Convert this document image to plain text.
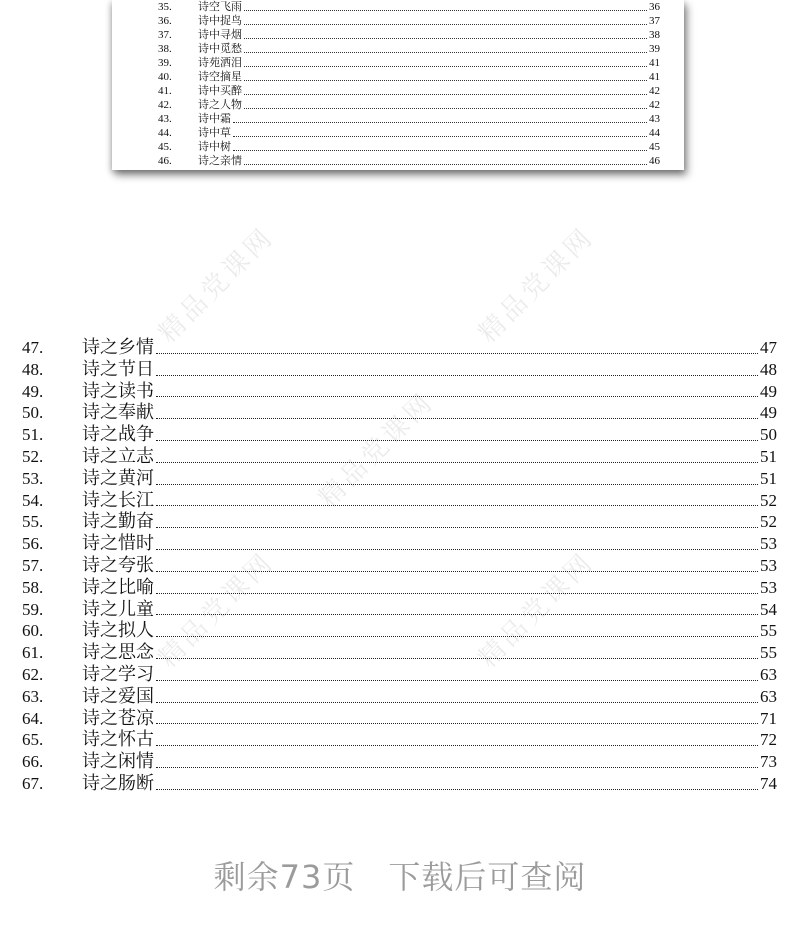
35.	诗空飞雨	36
36.	诗中捉鸟	37
37.	诗中寻烟	38
38.	诗中觅愁	39
39.	诗苑洒泪	41
40.	诗空摘星	41
41.	诗中买醉	42
42.	诗之人物	42
43.	诗中霜	43
44.	诗中草	44
45.	诗中树	45
46.	诗之亲情	46
精品党课网	精品党课网
精品党课网
精品党课网	精品党课网
47.	诗之乡情	47
48.	诗之节日	48
49.	诗之读书	49
50.	诗之奉献	49
51.	诗之战争	50
52.	诗之立志	51
53.	诗之黄河	51
54.	诗之长江	52
55.	诗之勤奋	52
56.	诗之惜时	53
57.	诗之夸张	53
58.	诗之比喻	53
59.	诗之儿童	54
60.	诗之拟人	55
61.	诗之思念	55
62.	诗之学习	63
63.	诗之爱国	63
64.	诗之苍凉	71
65.	诗之怀古	72
66.	诗之闲情	73
67.	诗之肠断	74
剩余73页　下载后可查阅
